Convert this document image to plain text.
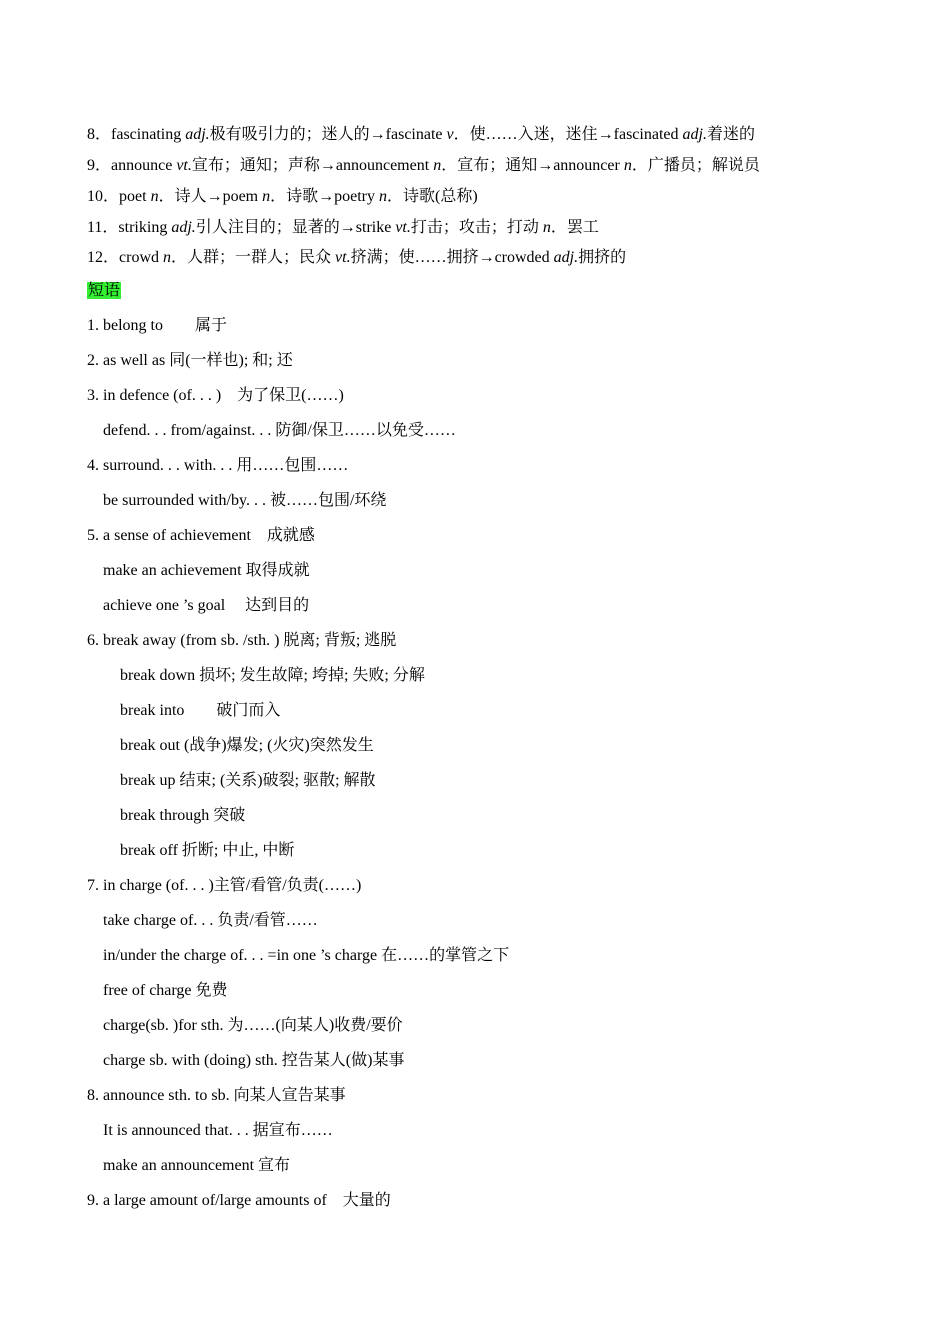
8．fascinating adj.极有吸引力的；迷人的→fascinate v．使……入迷，迷住→fascinated adj.着迷的
9．announce vt.宣布；通知；声称→announcement n．宣布；通知→announcer n．广播员；解说员
10．poet n．诗人→poem n．诗歌→poetry n．诗歌(总称)
11．striking adj.引人注目的；显著的→strike vt.打击；攻击；打动 n．罢工
12．crowd n．人群；一群人；民众 vt.挤满；使……拥挤→crowded adj.拥挤的
短语
1. belong to　　属于
2. as well as 同(一样也); 和; 还
3. in defence (of. . . )　为了保卫(……)
defend. . . from/against. . . 防御/保卫……以免受……
4. surround. . . with. . . 用……包围……
be surrounded with/by. . . 被……包围/环绕
5. a sense of achievement　成就感
make an achievement 取得成就
achieve one ’s goal　 达到目的
6. break away (from sb. /sth. ) 脱离; 背叛; 逃脱
break down 损坏; 发生故障; 垮掉; 失败; 分解
break into　　破门而入
break out (战争)爆发; (火灾)突然发生
break up 结束; (关系)破裂; 驱散; 解散
break through 突破
break off 折断; 中止, 中断
7. in charge (of. . . )主管/看管/负责(……)
take charge of. . . 负责/看管……
in/under the charge of. . . =in one ’s charge 在……的掌管之下
free of charge 免费
charge(sb. )for sth. 为……(向某人)收费/要价
charge sb. with (doing) sth. 控告某人(做)某事
8. announce sth. to sb. 向某人宣告某事
It is announced that. . . 据宣布……
make an announcement 宣布
9. a large amount of/large amounts of　大量的
